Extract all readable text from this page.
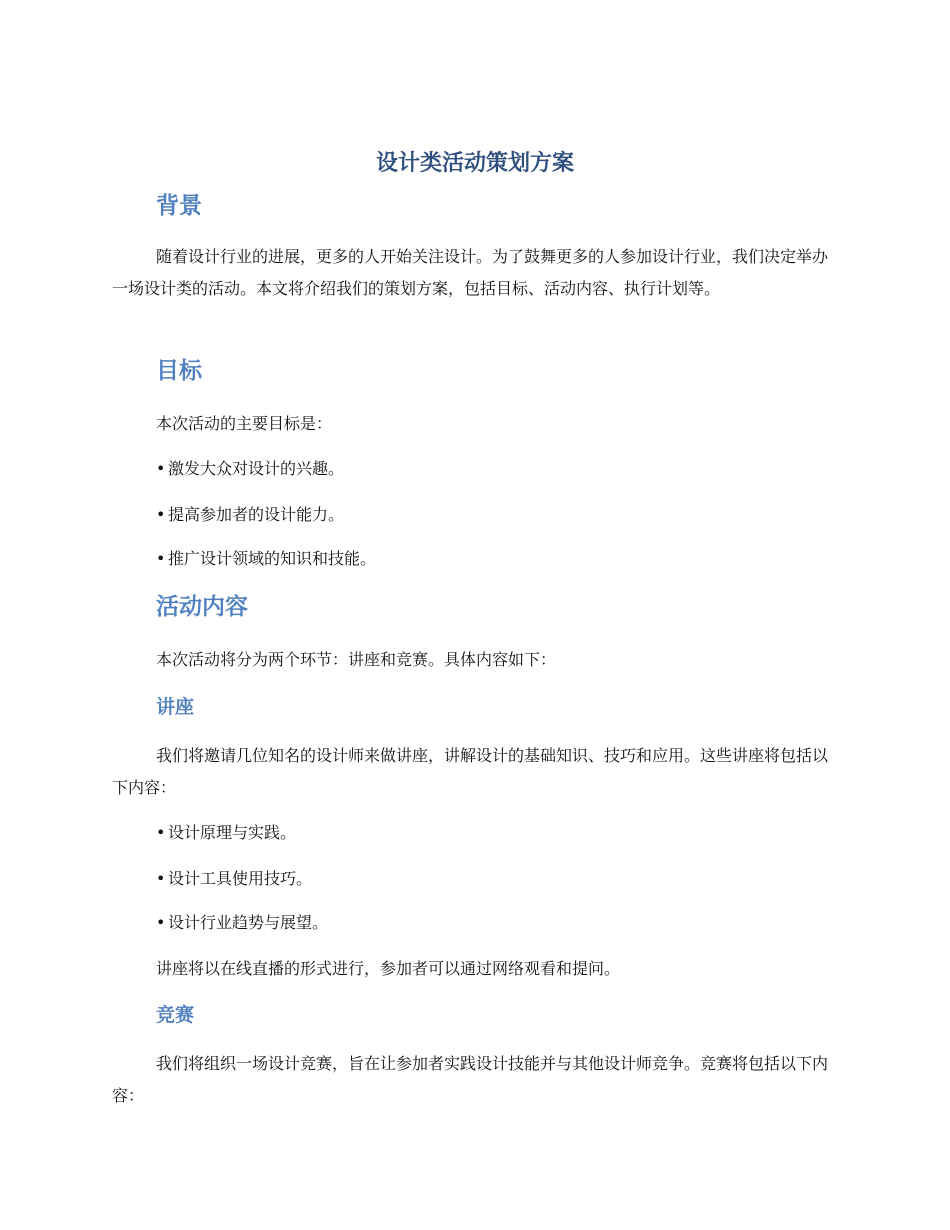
设计类活动策划方案
背景

随着设计行业的进展，更多的人开始关注设计。为了鼓舞更多的人参加设计行业，我们决定举办一场设计类的活动。本文将介绍我们的策划方案，包括目标、活动内容、执行计划等。

目标
本次活动的主要目标是：
• 激发大众对设计的兴趣。
• 提高参加者的设计能力。
• 推广设计领域的知识和技能。
活动内容
本次活动将分为两个环节：讲座和竞赛。具体内容如下：
讲座

我们将邀请几位知名的设计师来做讲座，讲解设计的基础知识、技巧和应用。这些讲座将包括以下内容：

• 设计原理与实践。
• 设计工具使用技巧。
• 设计行业趋势与展望。
讲座将以在线直播的形式进行，参加者可以通过网络观看和提问。
竞赛

我们将组织一场设计竞赛，旨在让参加者实践设计技能并与其他设计师竞争。竞赛将包括以下内容：
